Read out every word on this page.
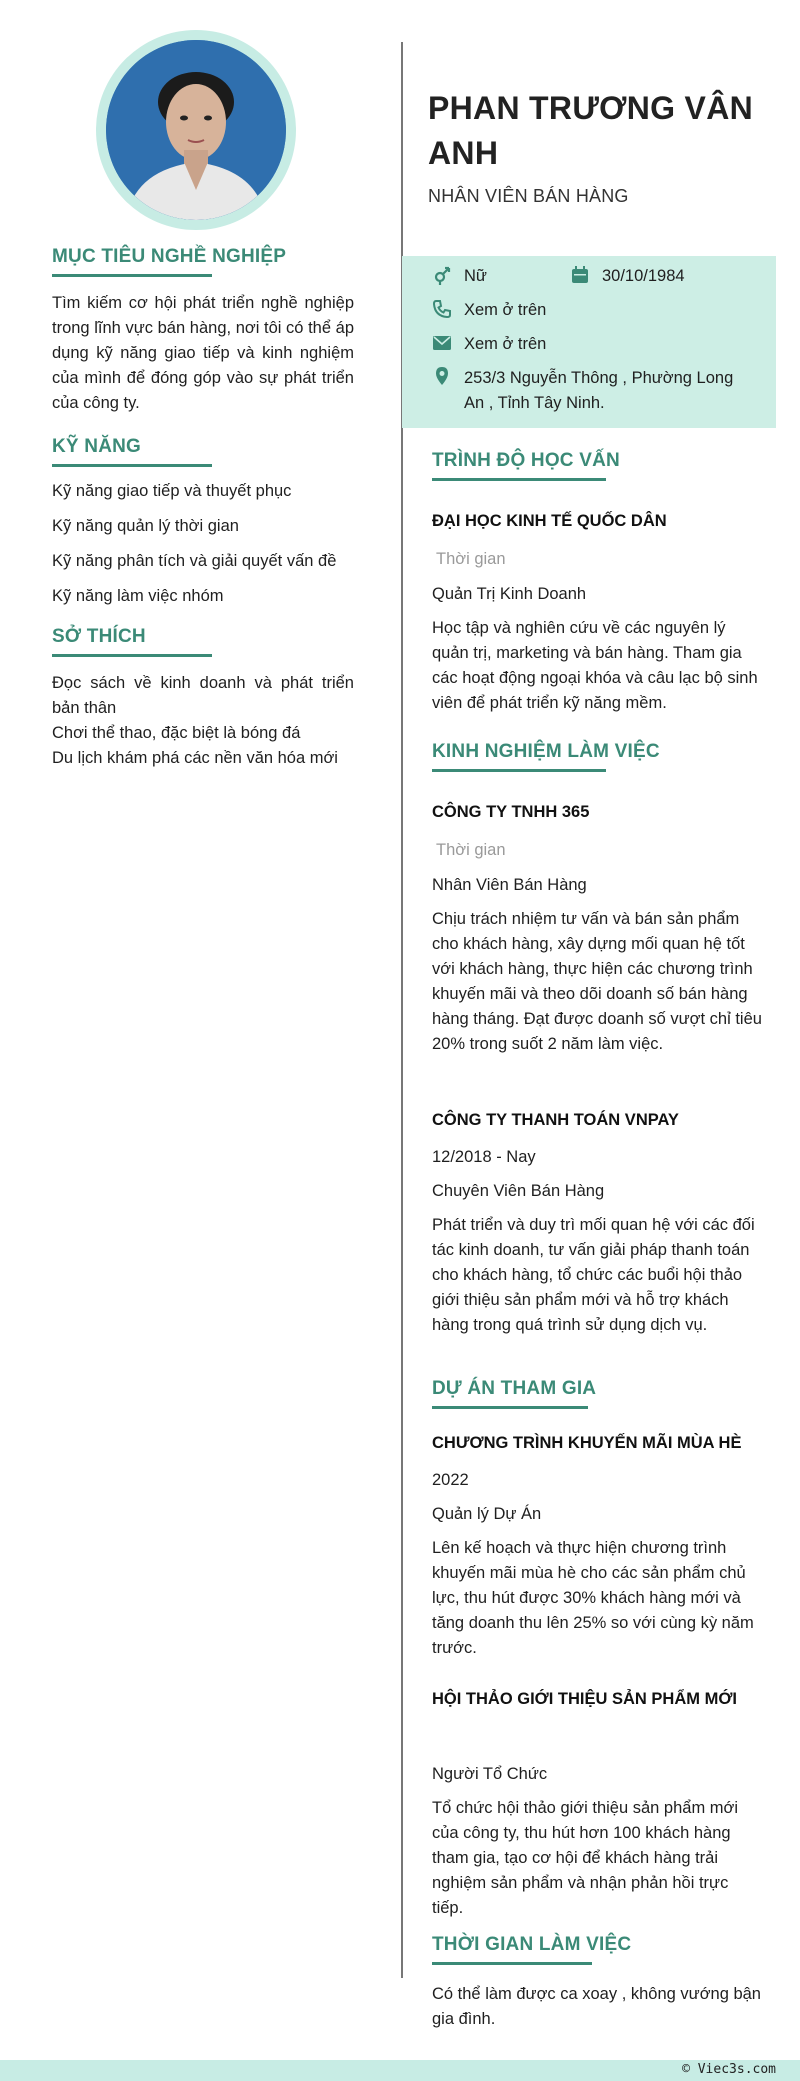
MỤC TIÊU NGHỀ NGHIỆP
Tìm kiếm cơ hội phát triển nghề nghiệp trong lĩnh vực bán hàng, nơi tôi có thể áp dụng kỹ năng giao tiếp và kinh nghiệm của mình để đóng góp vào sự phát triển của công ty.
KỸ NĂNG
Kỹ năng giao tiếp và thuyết phục
Kỹ năng quản lý thời gian
Kỹ năng phân tích và giải quyết vấn đề
Kỹ năng làm việc nhóm
SỞ THÍCH
Đọc sách về kinh doanh và phát triển bản thân
Chơi thể thao, đặc biệt là bóng đá
Du lịch khám phá các nền văn hóa mới
PHAN TRƯƠNG VÂN ANH
NHÂN VIÊN BÁN HÀNG
Nữ	30/10/1984
Xem ở trên
Xem ở trên
253/3 Nguyễn Thông , Phường Long An , Tỉnh Tây Ninh.
TRÌNH ĐỘ HỌC VẤN
ĐẠI HỌC KINH TẾ QUỐC DÂN
Thời gian
Quản Trị Kinh Doanh
Học tập và nghiên cứu về các nguyên lý quản trị, marketing và bán hàng. Tham gia các hoạt động ngoại khóa và câu lạc bộ sinh viên để phát triển kỹ năng mềm.
KINH NGHIỆM LÀM VIỆC
CÔNG TY TNHH 365
Thời gian
Nhân Viên Bán Hàng
Chịu trách nhiệm tư vấn và bán sản phẩm cho khách hàng, xây dựng mối quan hệ tốt với khách hàng, thực hiện các chương trình khuyến mãi và theo dõi doanh số bán hàng hàng tháng. Đạt được doanh số vượt chỉ tiêu 20% trong suốt 2 năm làm việc.
CÔNG TY THANH TOÁN VNPAY
12/2018 - Nay
Chuyên Viên Bán Hàng
Phát triển và duy trì mối quan hệ với các đối tác kinh doanh, tư vấn giải pháp thanh toán cho khách hàng, tổ chức các buổi hội thảo giới thiệu sản phẩm mới và hỗ trợ khách hàng trong quá trình sử dụng dịch vụ.
DỰ ÁN THAM GIA
CHƯƠNG TRÌNH KHUYẾN MÃI MÙA HÈ
2022
Quản lý Dự Án
Lên kế hoạch và thực hiện chương trình khuyến mãi mùa hè cho các sản phẩm chủ lực, thu hút được 30% khách hàng mới và tăng doanh thu lên 25% so với cùng kỳ năm trước.
HỘI THẢO GIỚI THIỆU SẢN PHẨM MỚI
Người Tổ Chức
Tổ chức hội thảo giới thiệu sản phẩm mới của công ty, thu hút hơn 100 khách hàng tham gia, tạo cơ hội để khách hàng trải nghiệm sản phẩm và nhận phản hồi trực tiếp.
THỜI GIAN LÀM VIỆC
Có thể làm được ca xoay , không vướng bận gia đình.
© Viec3s.com
